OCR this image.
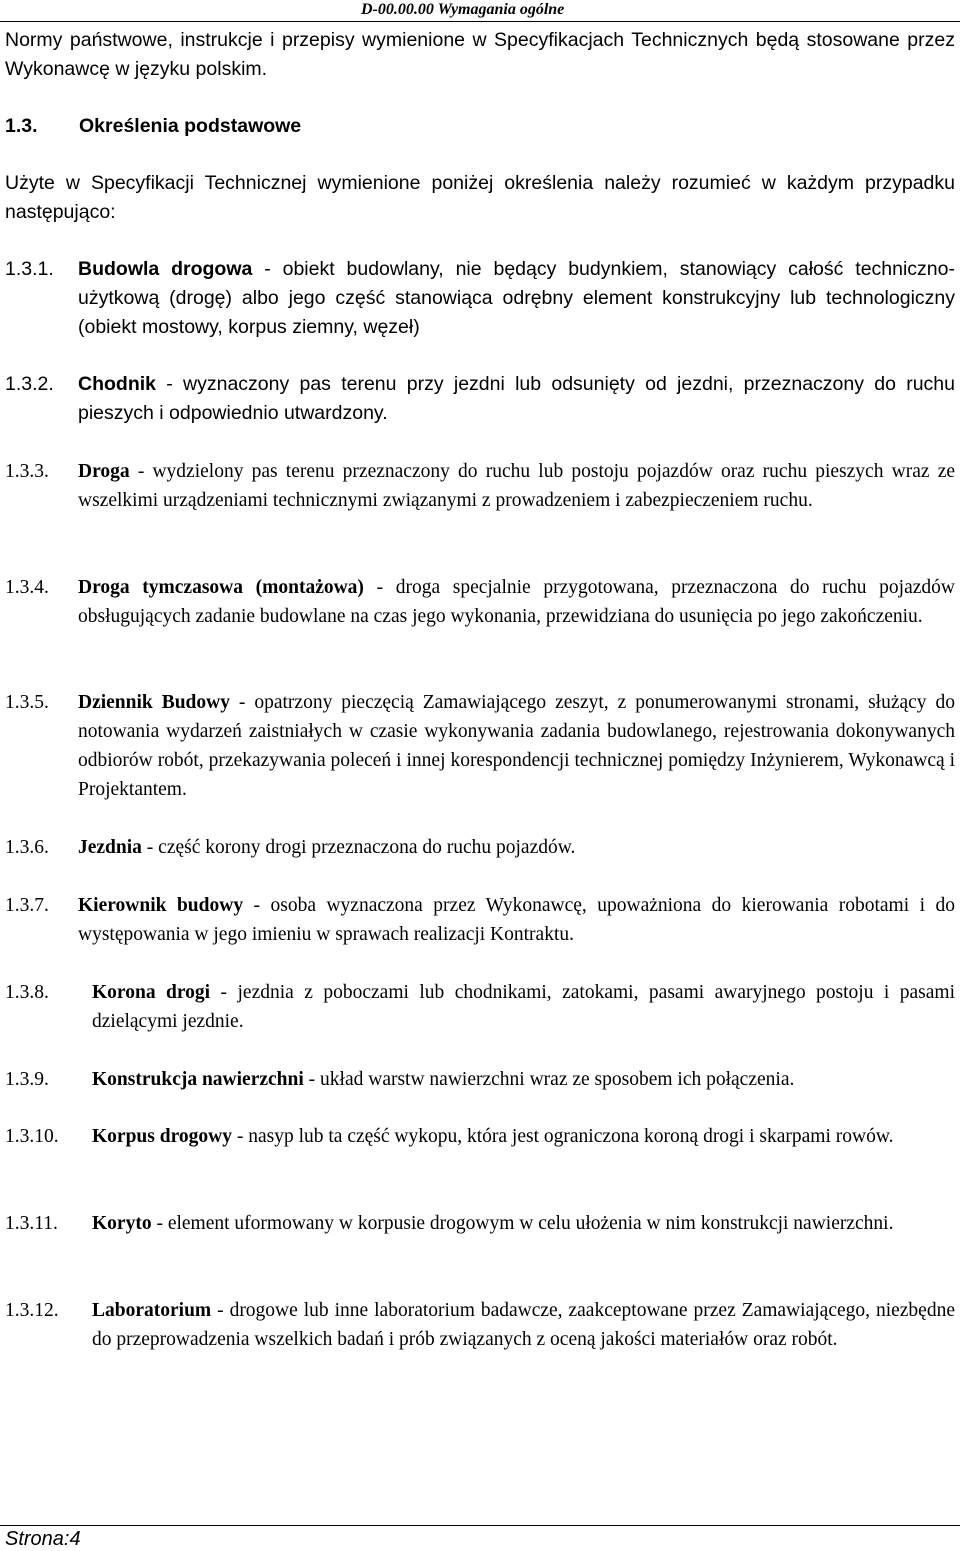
D-00.00.00 Wymagania ogólne

Normy państwowe, instrukcje i przepisy wymienione w Specyfikacjach Technicznych będą stosowane przez Wykonawcę w języku polskim.

1.3. Określenia podstawowe

Użyte w Specyfikacji Technicznej wymienione poniżej określenia należy rozumieć w każdym przypadku następująco:

1.3.1. Budowla drogowa - obiekt budowlany, nie będący budynkiem, stanowiący całość techniczno-użytkową (drogę) albo jego część stanowiąca odrębny element konstrukcyjny lub technologiczny (obiekt mostowy, korpus ziemny, węzeł)

1.3.2. Chodnik - wyznaczony pas terenu przy jezdni lub odsunięty od jezdni, przeznaczony do ruchu pieszych i odpowiednio utwardzony.

1.3.3. Droga - wydzielony pas terenu przeznaczony do ruchu lub postoju pojazdów oraz ruchu pieszych wraz ze wszelkimi urządzeniami technicznymi związanymi z prowadzeniem i zabezpieczeniem ruchu.

1.3.4. Droga tymczasowa (montażowa) - droga specjalnie przygotowana, przeznaczona do ruchu pojazdów obsługujących zadanie budowlane na czas jego wykonania, przewidziana do usunięcia po jego zakończeniu.

1.3.5. Dziennik Budowy - opatrzony pieczęcią Zamawiającego zeszyt, z ponumerowanymi stronami, służący do notowania wydarzeń zaistniałych w czasie wykonywania zadania budowlanego, rejestrowania dokonywanych odbiorów robót, przekazywania poleceń i innej korespondencji technicznej pomiędzy Inżynierem, Wykonawcą i Projektantem.

1.3.6. Jezdnia - część korony drogi przeznaczona do ruchu pojazdów.

1.3.7. Kierownik budowy - osoba wyznaczona przez Wykonawcę, upoważniona do kierowania robotami i do występowania w jego imieniu w sprawach realizacji Kontraktu.

1.3.8. Korona drogi - jezdnia z poboczami lub chodnikami, zatokami, pasami awaryjnego postoju i pasami dzielącymi jezdnie.

1.3.9. Konstrukcja nawierzchni - układ warstw nawierzchni wraz ze sposobem ich połączenia.

1.3.10. Korpus drogowy - nasyp lub ta część wykopu, która jest ograniczona koroną drogi i skarpami rowów.

1.3.11. Koryto - element uformowany w korpusie drogowym w celu ułożenia w nim konstrukcji nawierzchni.

1.3.12. Laboratorium - drogowe lub inne laboratorium badawcze, zaakceptowane przez Zamawiającego, niezbędne do przeprowadzenia wszelkich badań i prób związanych z oceną jakości materiałów oraz robót.

Strona:4
